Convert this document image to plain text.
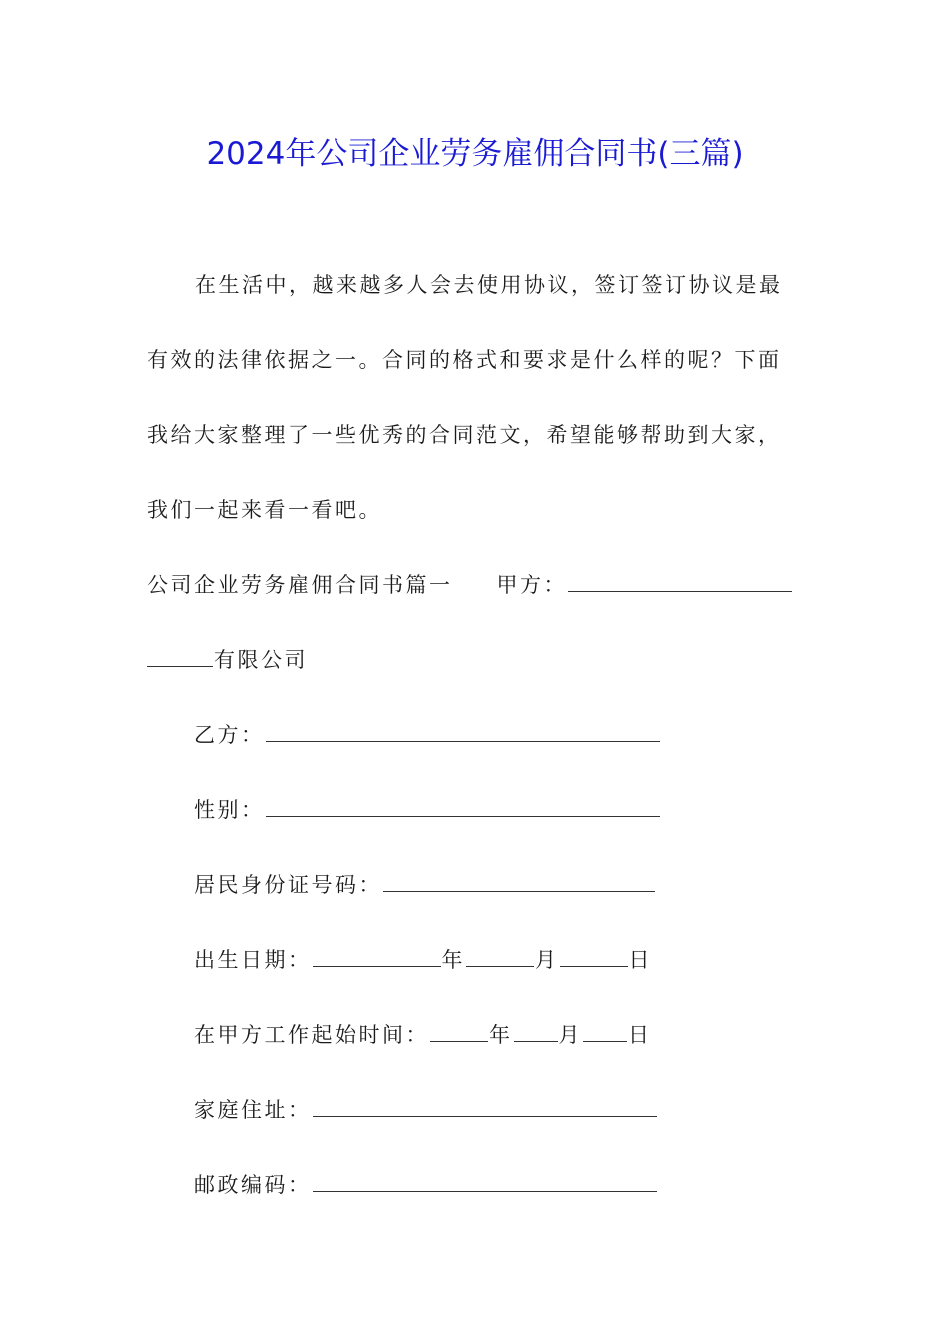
2024年公司企业劳务雇佣合同书(三篇)
在生活中，越来越多人会去使用协议，签订签订协议是最
有效的法律依据之一。合同的格式和要求是什么样的呢？下面
我给大家整理了一些优秀的合同范文，希望能够帮助到大家，
我们一起来看一看吧。
公司企业劳务雇佣合同书篇一 甲方：
有限公司
乙方：
性别：
居民身份证号码：
出生日期：	年	月	日
在甲方工作起始时间：	年 月 日
家庭住址：
邮政编码：
